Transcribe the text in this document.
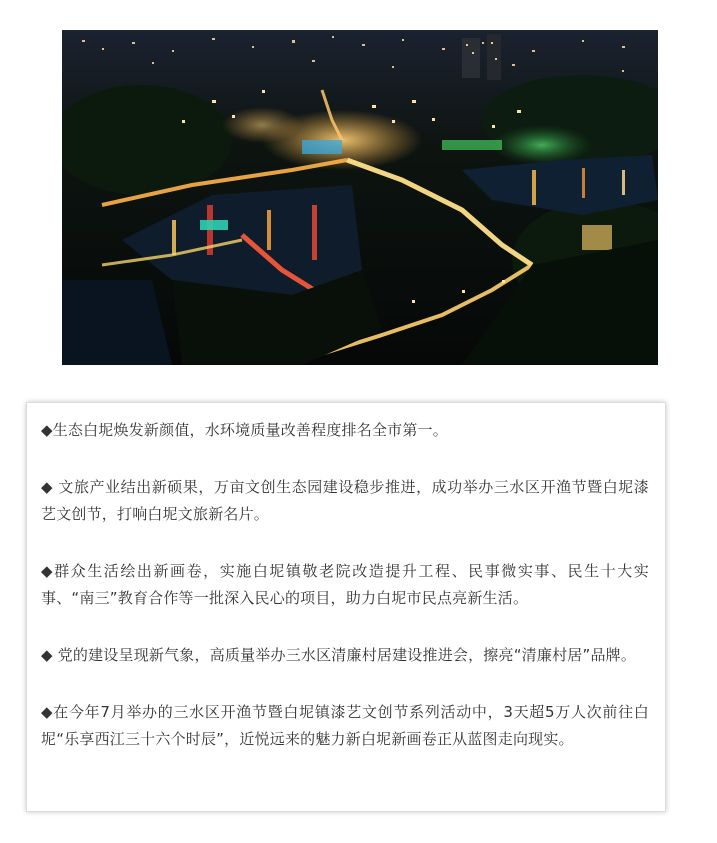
◆生态白坭焕发新颜值，水环境质量改善程度排名全市第一。

◆ 文旅产业结出新硕果，万亩文创生态园建设稳步推进，成功举办三水区开渔节暨白坭漆艺文创节，打响白坭文旅新名片。

◆群众生活绘出新画卷，实施白坭镇敬老院改造提升工程、民事微实事、民生十大实事、“南三”教育合作等一批深入民心的项目，助力白坭市民点亮新生活。

◆ 党的建设呈现新气象，高质量举办三水区清廉村居建设推进会，擦亮“清廉村居”品牌。

◆在今年7月举办的三水区开渔节暨白坭镇漆艺文创节系列活动中，3天超5万人次前往白坭“乐享西江三十六个时辰”，近悦远来的魅力新白坭新画卷正从蓝图走向现实。
